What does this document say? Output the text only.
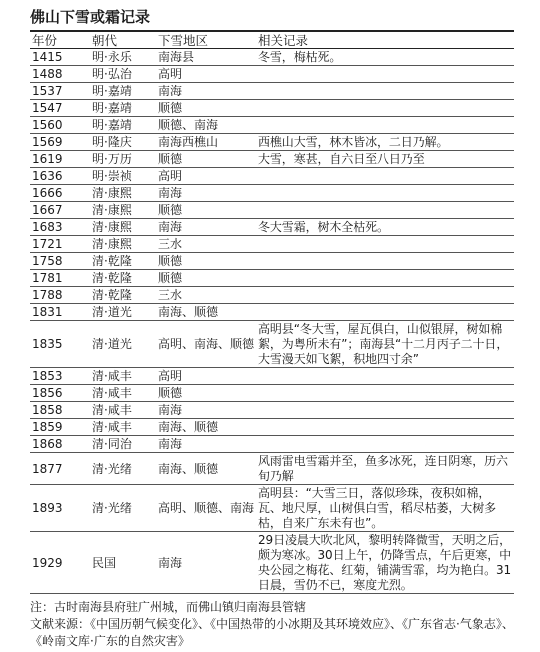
佛山下雪或霜记录
年份	朝代	下雪地区	相关记录
1415	明·永乐	南海县	冬雪，梅枯死。
1488	明·弘治	高明	
1537	明·嘉靖	南海	
1547	明·嘉靖	顺德	
1560	明·嘉靖	顺德、南海	
1569	明·隆庆	南海西樵山	西樵山大雪，林木皆冰，二日乃解。
1619	明·万历	顺德	大雪，寒甚，自六日至八日乃至
1636	明·崇祯	高明	
1666	清·康熙	南海	
1667	清·康熙	顺德	
1683	清·康熙	南海	冬大雪霜，树木全枯死。
1721	清·康熙	三水	
1758	清·乾隆	顺德	
1781	清·乾隆	顺德	
1788	清·乾隆	三水	
1831	清·道光	南海、顺德	
1835	清·道光	高明、南海、顺德	高明县“冬大雪，屋瓦俱白，山似银屏，树如棉絮，为粤所未有”；南海县“十二月丙子二十日，大雪漫天如飞絮，积地四寸余”
1853	清·咸丰	高明	
1856	清·咸丰	顺德	
1858	清·咸丰	南海	
1859	清·咸丰	南海、顺德	
1868	清·同治	南海	
1877	清·光绪	南海、顺德	风雨雷电雪霜并至，鱼多冰死，连日阴寒，历六旬乃解
1893	清·光绪	高明、顺德、南海	高明县：“大雪三日，落似珍珠，夜积如棉，瓦、地尺厚，山树俱白雪，稻尽枯萎，大树多枯，自来广东未有也”。
1929	民国	南海	29日凌晨大吹北风，黎明转降微雪，天明之后，颇为寒冰。30日上午，仍降雪点，午后更寒，中央公园之梅花、红菊，铺满雪霏，均为艳白。31日晨，雪仍不已，寒度尤烈。

注：古时南海县府驻广州城，而佛山镇归南海县管辖

文献来源：《中国历朝气候变化》、《中国热带的小冰期及其环境效应》、《广东省志·气象志》、《岭南文库·广东的自然灾害》
